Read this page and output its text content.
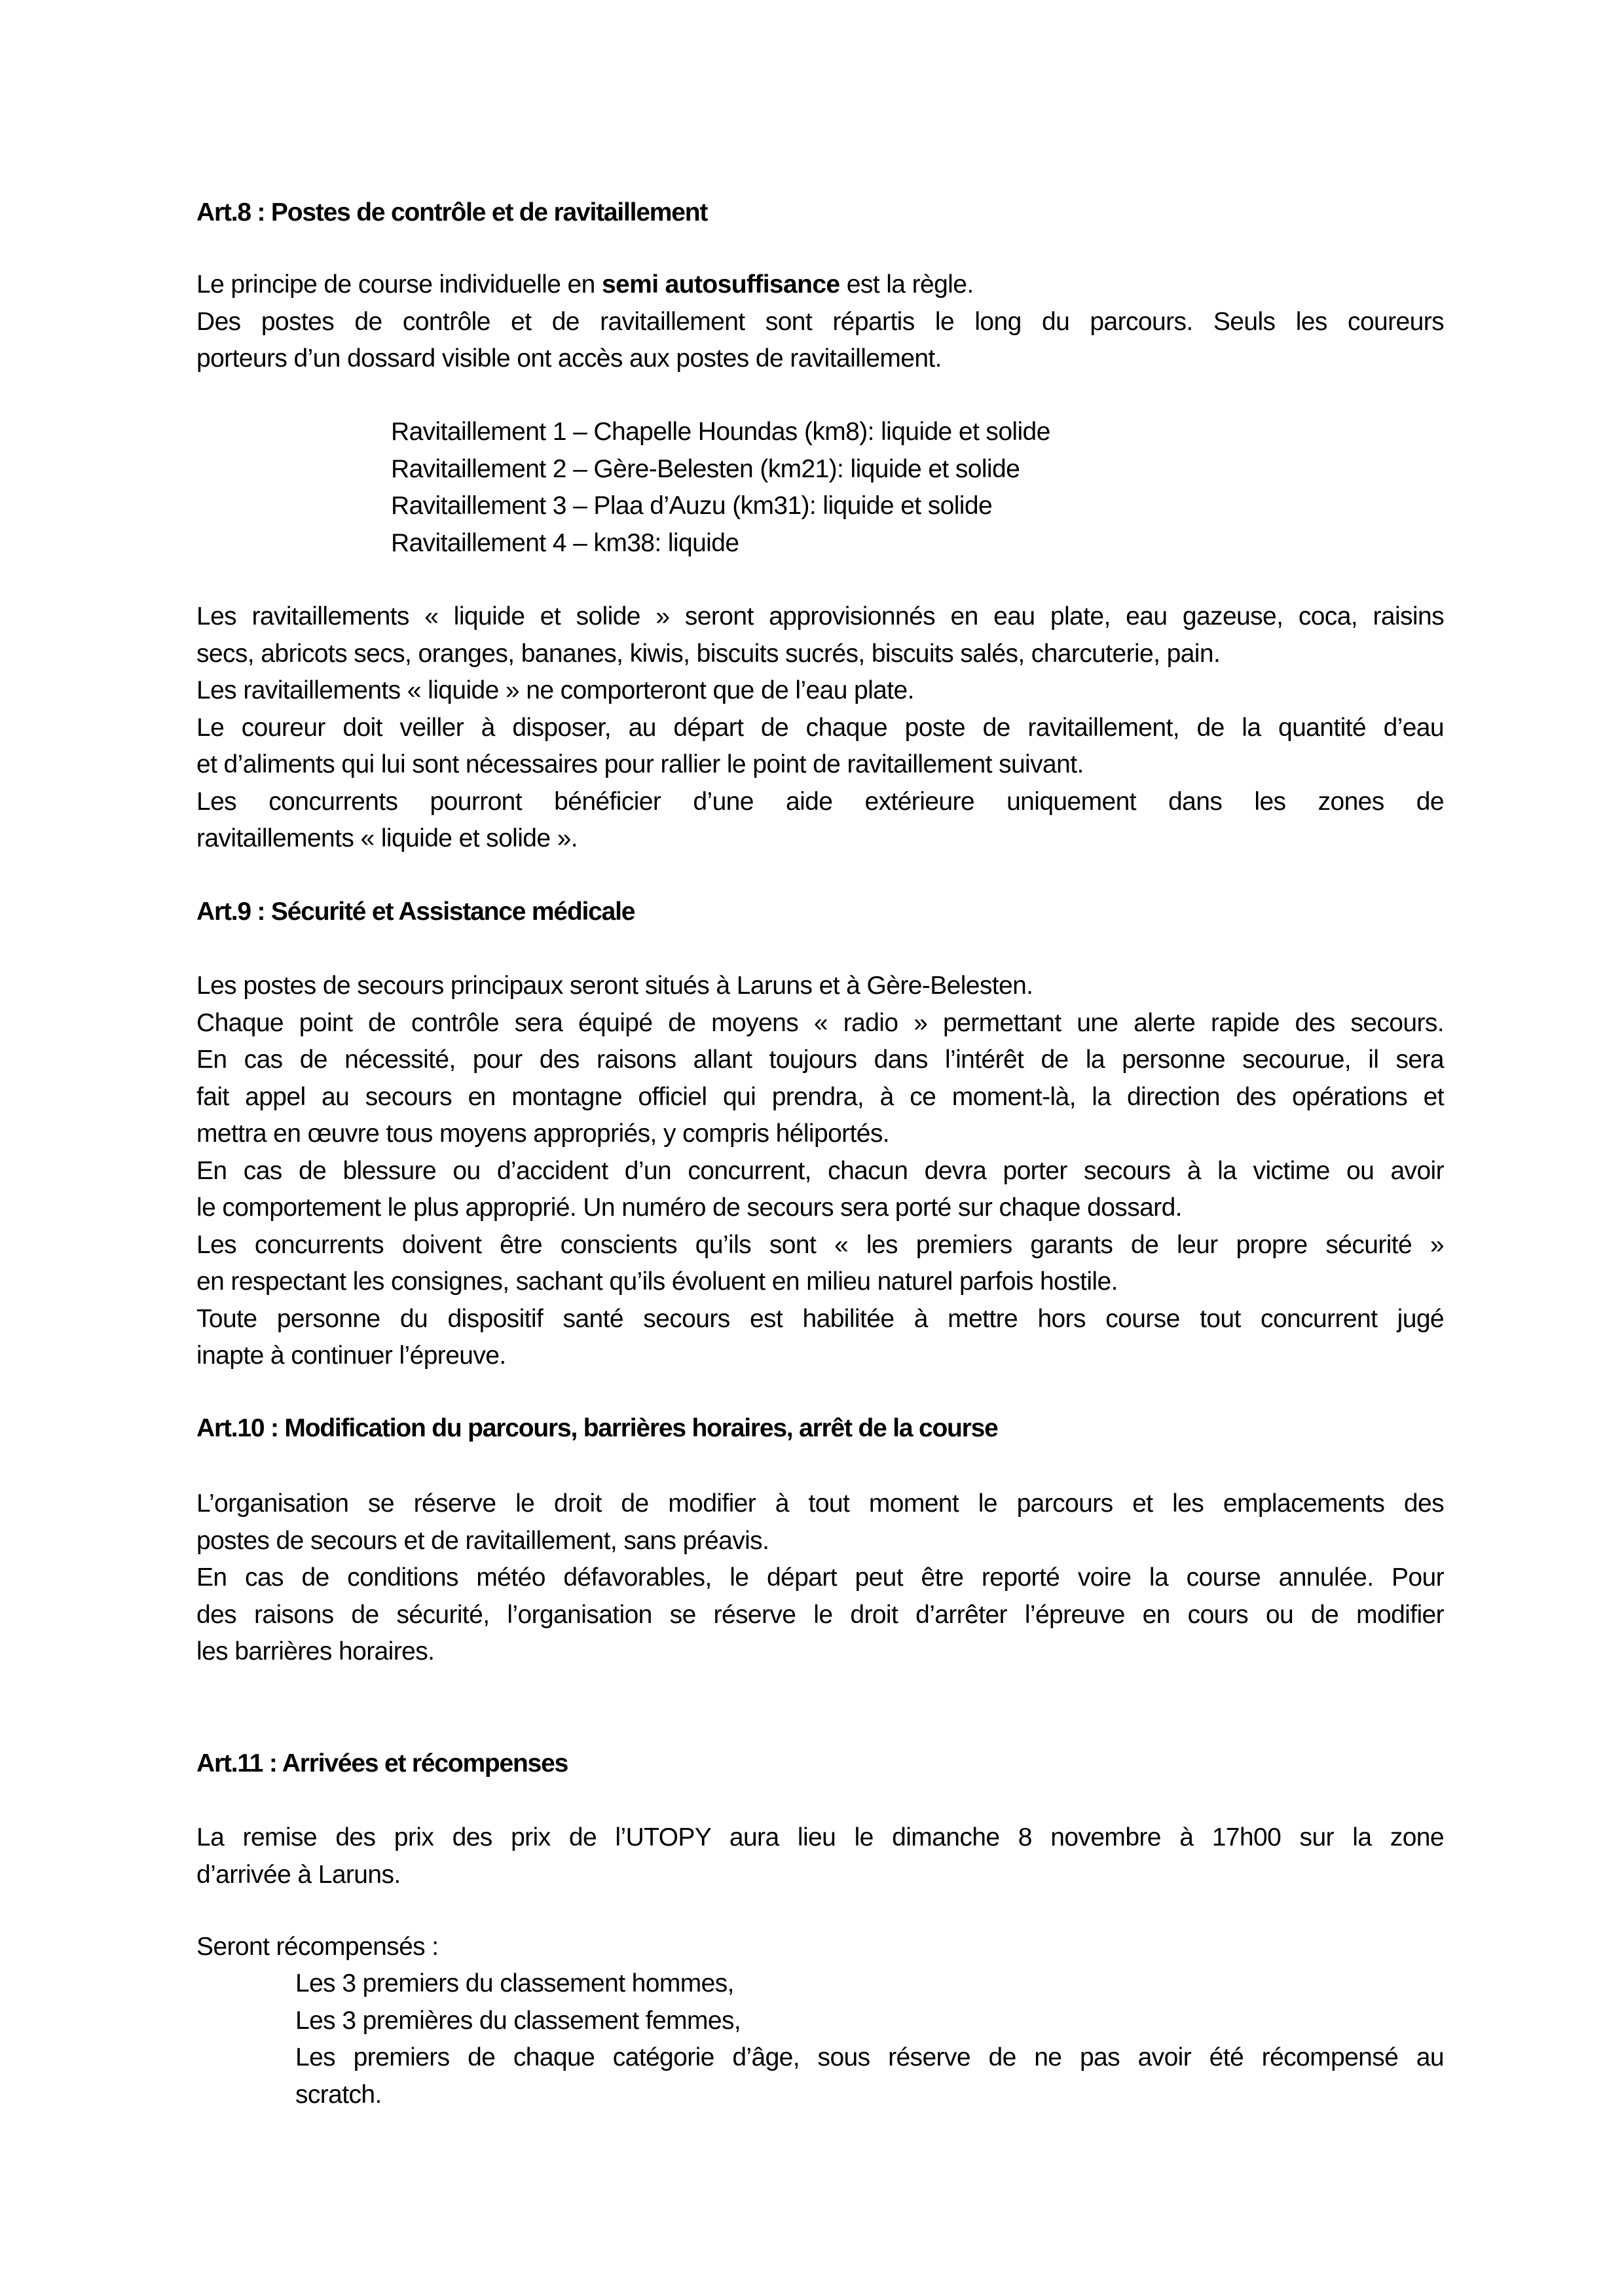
Art.8 : Postes de contrôle et de ravitaillement
Le principe de course individuelle en semi autosuffisance est la règle.
Des postes de contrôle et de ravitaillement sont répartis le long du parcours. Seuls les coureurs
porteurs d’un dossard visible ont accès aux postes de ravitaillement.
Ravitaillement 1 – Chapelle Houndas (km8): liquide et solide
Ravitaillement 2 – Gère-Belesten (km21): liquide et solide
Ravitaillement 3 – Plaa d’Auzu (km31): liquide et solide
Ravitaillement 4 – km38: liquide
Les ravitaillements « liquide et solide » seront approvisionnés en eau plate, eau gazeuse, coca, raisins
secs, abricots secs, oranges, bananes, kiwis, biscuits sucrés, biscuits salés, charcuterie, pain.
Les ravitaillements « liquide » ne comporteront que de l’eau plate.
Le coureur doit veiller à disposer, au départ de chaque poste de ravitaillement, de la quantité d’eau
et d’aliments qui lui sont nécessaires pour rallier le point de ravitaillement suivant.
Les concurrents pourront bénéficier d’une aide extérieure uniquement dans les zones de
ravitaillements « liquide et solide ».
Art.9 : Sécurité et Assistance médicale
Les postes de secours principaux seront situés à Laruns et à Gère-Belesten.
Chaque point de contrôle sera équipé de moyens « radio » permettant une alerte rapide des secours.
En cas de nécessité, pour des raisons allant toujours dans l’intérêt de la personne secourue, il sera
fait appel au secours en montagne officiel qui prendra, à ce moment-là, la direction des opérations et
mettra en œuvre tous moyens appropriés, y compris héliportés.
En cas de blessure ou d’accident d’un concurrent, chacun devra porter secours à la victime ou avoir
le comportement le plus approprié. Un numéro de secours sera porté sur chaque dossard.
Les concurrents doivent être conscients qu’ils sont « les premiers garants de leur propre sécurité »
en respectant les consignes, sachant qu’ils évoluent en milieu naturel parfois hostile.
Toute personne du dispositif santé secours est habilitée à mettre hors course tout concurrent jugé
inapte à continuer l’épreuve.
Art.10 : Modification du parcours, barrières horaires, arrêt de la course
L’organisation se réserve le droit de modifier à tout moment le parcours et les emplacements des
postes de secours et de ravitaillement, sans préavis.
En cas de conditions météo défavorables, le départ peut être reporté voire la course annulée. Pour
des raisons de sécurité, l’organisation se réserve le droit d’arrêter l’épreuve en cours ou de modifier
les barrières horaires.
Art.11 : Arrivées et récompenses
La remise des prix des prix de l’UTOPY aura lieu le dimanche 8 novembre à 17h00 sur la zone
d’arrivée à Laruns.
Seront récompensés :
Les 3 premiers du classement hommes,
Les 3 premières du classement femmes,
Les premiers de chaque catégorie d’âge, sous réserve de ne pas avoir été récompensé au
scratch.
